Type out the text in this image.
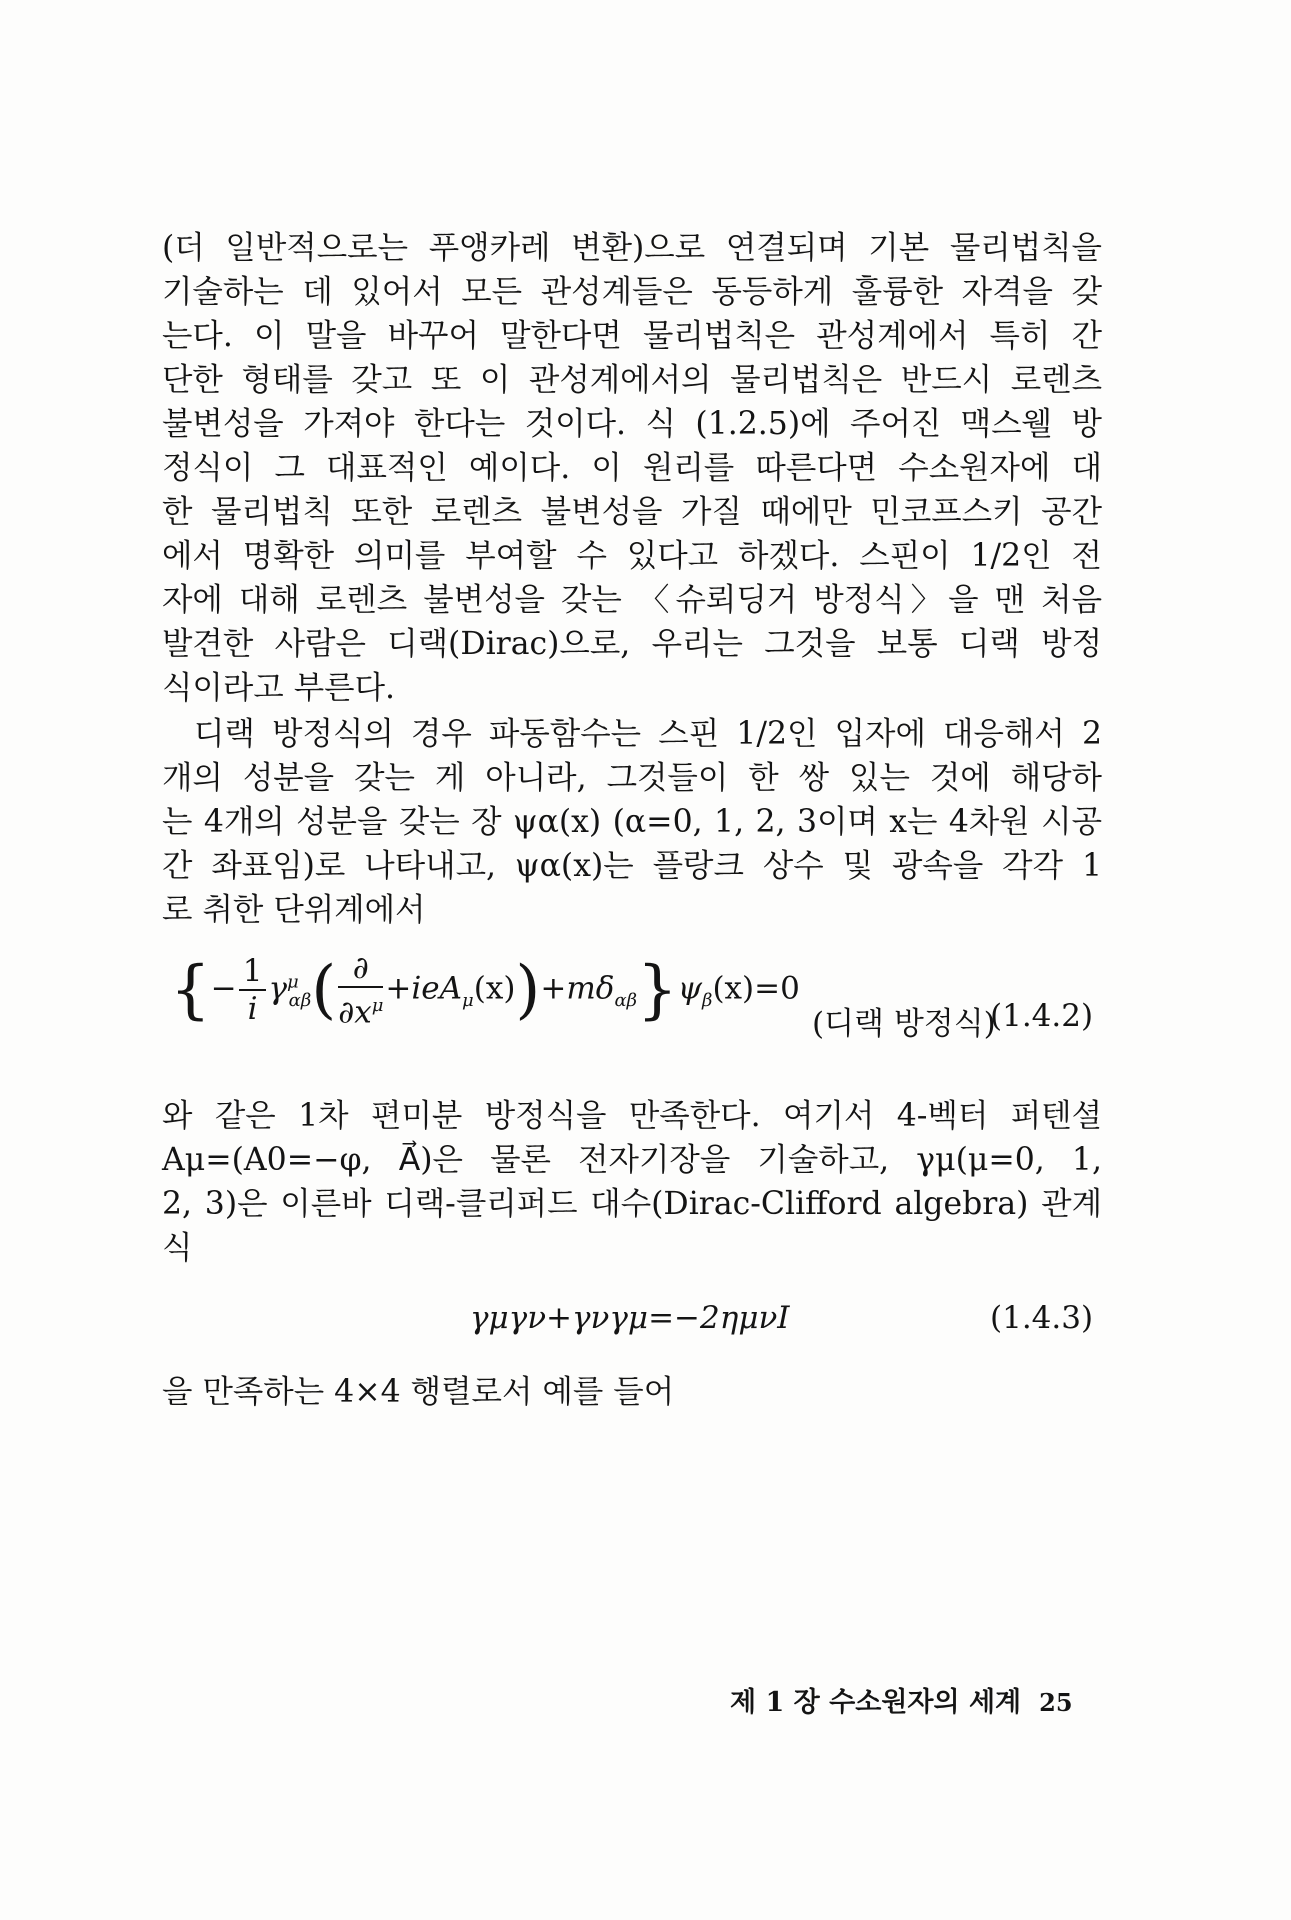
(더 일반적으로는 푸앵카레 변환)으로 연결되며 기본 물리법칙을
기술하는 데 있어서 모든 관성계들은 동등하게 훌륭한 자격을 갖
는다. 이 말을 바꾸어 말한다면 물리법칙은 관성계에서 특히 간
단한 형태를 갖고 또 이 관성계에서의 물리법칙은 반드시 로렌츠
불변성을 가져야 한다는 것이다. 식 (1.2.5)에 주어진 맥스웰 방
정식이 그 대표적인 예이다. 이 원리를 따른다면 수소원자에 대
한 물리법칙 또한 로렌츠 불변성을 가질 때에만 민코프스키 공간
에서 명확한 의미를 부여할 수 있다고 하겠다. 스핀이 1/2인 전
자에 대해 로렌츠 불변성을 갖는 〈슈뢰딩거 방정식〉을 맨 처음
발견한 사람은 디랙(Dirac)으로, 우리는 그것을 보통 디랙 방정
식이라고 부른다.
디랙 방정식의 경우 파동함수는 스핀 1/2인 입자에 대응해서 2
개의 성분을 갖는 게 아니라, 그것들이 한 쌍 있는 것에 해당하
는 4개의 성분을 갖는 장 ψα(x) (α=0, 1, 2, 3이며 x는 4차원 시공
간 좌표임)로 나타내고, ψα(x)는 플랑크 상수 및 광속을 각각 1
로 취한 단위계에서
{− $\frac{1}{i} \gamma^\mu_{\alpha\beta}( \frac{\partial}{\partial x^\mu} +ieA_\mu(x))+m\delta_{\alpha\beta}\}\psi_\beta(x)=0$
(디랙 방정식)
(1.4.2)
와 같은 1차 편미분 방정식을 만족한다. 여기서 4-벡터 퍼텐셜
Aμ=(A0=−φ, A⃗)은 물론 전자기장을 기술하고, γμ(μ=0, 1,
2, 3)은 이른바 디랙-클리퍼드 대수(Dirac-Clifford algebra) 관계
식
γμγν+γνγμ=−2ημνI	(1.4.3)
을 만족하는 4×4 행렬로서 예를 들어
제 1 장 수소원자의 세계 25
